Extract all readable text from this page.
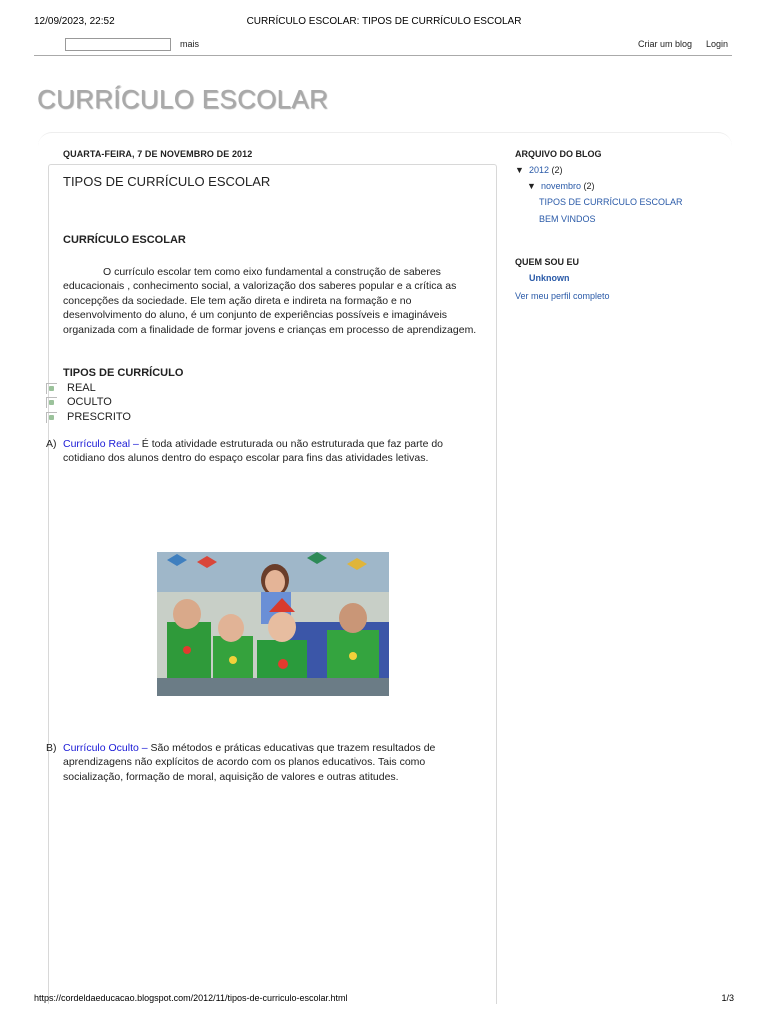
12/09/2023, 22:52	CURRÍCULO ESCOLAR: TIPOS DE CURRÍCULO ESCOLAR
mais	Criar um blog Login
CURRÍCULO ESCOLAR
QUARTA-FEIRA, 7 DE NOVEMBRO DE 2012
TIPOS DE CURRÍCULO ESCOLAR
CURRÍCULO ESCOLAR
O currículo escolar tem como eixo fundamental a construção de saberes educacionais , conhecimento social, a valorização dos saberes popular e a crítica as concepções da sociedade. Ele tem ação direta e indireta na formação e no desenvolvimento do aluno, é um conjunto de experiências possíveis e imagináveis organizada com a finalidade de formar jovens e crianças em processo de aprendizagem.
TIPOS DE CURRÍCULO
REAL
OCULTO
PRESCRITO
A) Currículo Real – É toda atividade estruturada ou não estruturada que faz parte do cotidiano dos alunos dentro do espaço escolar para fins das atividades letivas.
B) Currículo Oculto – São métodos e práticas educativas que trazem resultados de aprendizagens não explícitos de acordo com os planos educativos. Tais como socialização, formação de moral, aquisição de valores e outras atitudes.
ARQUIVO DO BLOG
▼ 2012 (2)
▼ novembro (2)
TIPOS DE CURRÍCULO ESCOLAR
BEM VINDOS
QUEM SOU EU
Unknown
Ver meu perfil completo
https://cordeldaeducacao.blogspot.com/2012/11/tipos-de-curriculo-escolar.html	1/3
